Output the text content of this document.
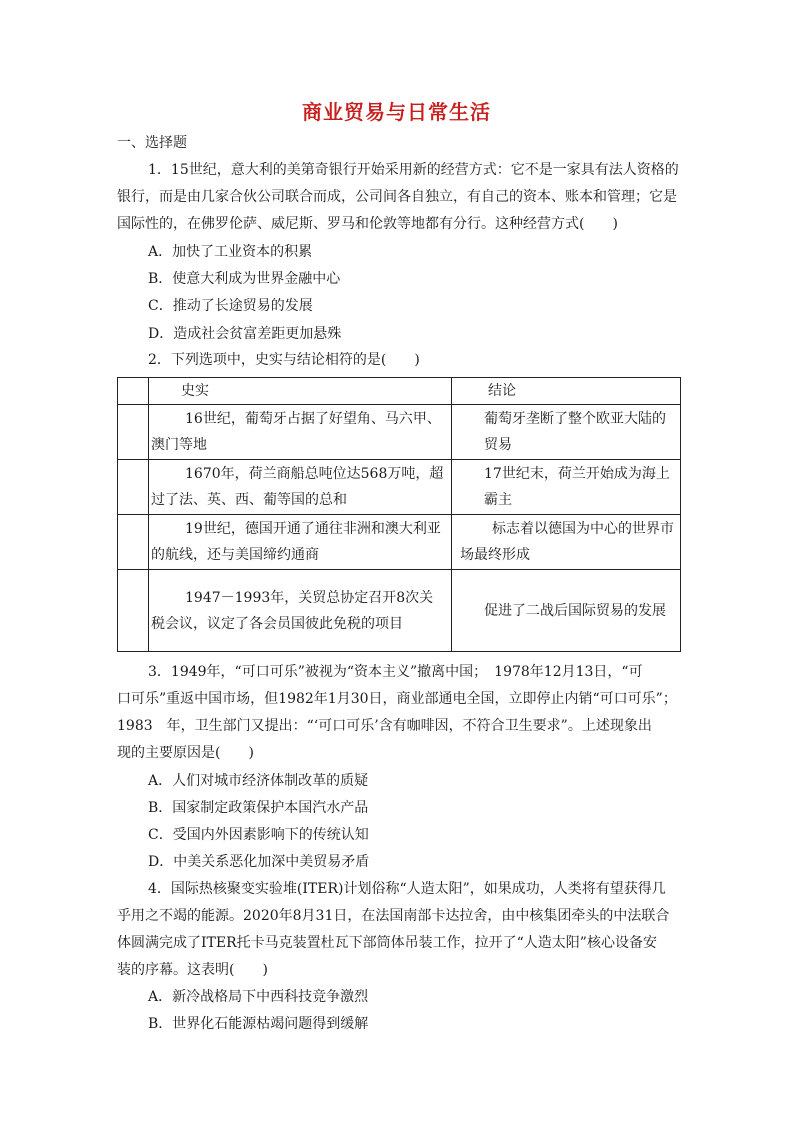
商业贸易与日常生活
一、选择题
1．15世纪，意大利的美第奇银行开始采用新的经营方式：它不是一家具有法人资格的
银行，而是由几家合伙公司联合而成，公司间各自独立，有自己的资本、账本和管理；它是
国际性的，在佛罗伦萨、威尼斯、罗马和伦敦等地都有分行。这种经营方式(　　)
A．加快了工业资本的积累
B．使意大利成为世界金融中心
C．推动了长途贸易的发展
D．造成社会贫富差距更加悬殊
2．下列选项中，史实与结论相符的是(　　)
	史实	结论

	16世纪，葡萄牙占据了好望角、马六甲、澳门等地	葡萄牙垄断了整个欧亚大陆的贸易

	1670年，荷兰商船总吨位达568万吨，超过了法、英、西、葡等国的总和	17世纪末，荷兰开始成为海上霸主

	19世纪，德国开通了通往非洲和澳大利亚的航线，还与美国缔约通商	标志着以德国为中心的世界市场最终形成

	1947－1993年，关贸总协定召开8次关税会议，议定了各会员国彼此免税的项目	促进了二战后国际贸易的发展
3．1949年，“可口可乐”被视为“资本主义”撤离中国；　1978年12月13日，“可
口可乐”重返中国市场，但1982年1月30日，商业部通电全国，立即停止内销“可口可乐”；
1983　年，卫生部门又提出：“‘可口可乐’含有咖啡因，不符合卫生要求”。上述现象出
现的主要原因是(　　)
A．人们对城市经济体制改革的质疑
B．国家制定政策保护本国汽水产品
C．受国内外因素影响下的传统认知
D．中美关系恶化加深中美贸易矛盾
4．国际热核聚变实验堆(ITER)计划俗称“人造太阳”，如果成功，人类将有望获得几
乎用之不竭的能源。2020年8月31日，在法国南部卡达拉舍，由中核集团牵头的中法联合
体圆满完成了ITER托卡马克装置杜瓦下部筒体吊装工作，拉开了“人造太阳”核心设备安
装的序幕。这表明(　　)
A．新冷战格局下中西科技竞争激烈
B．世界化石能源枯竭问题得到缓解
